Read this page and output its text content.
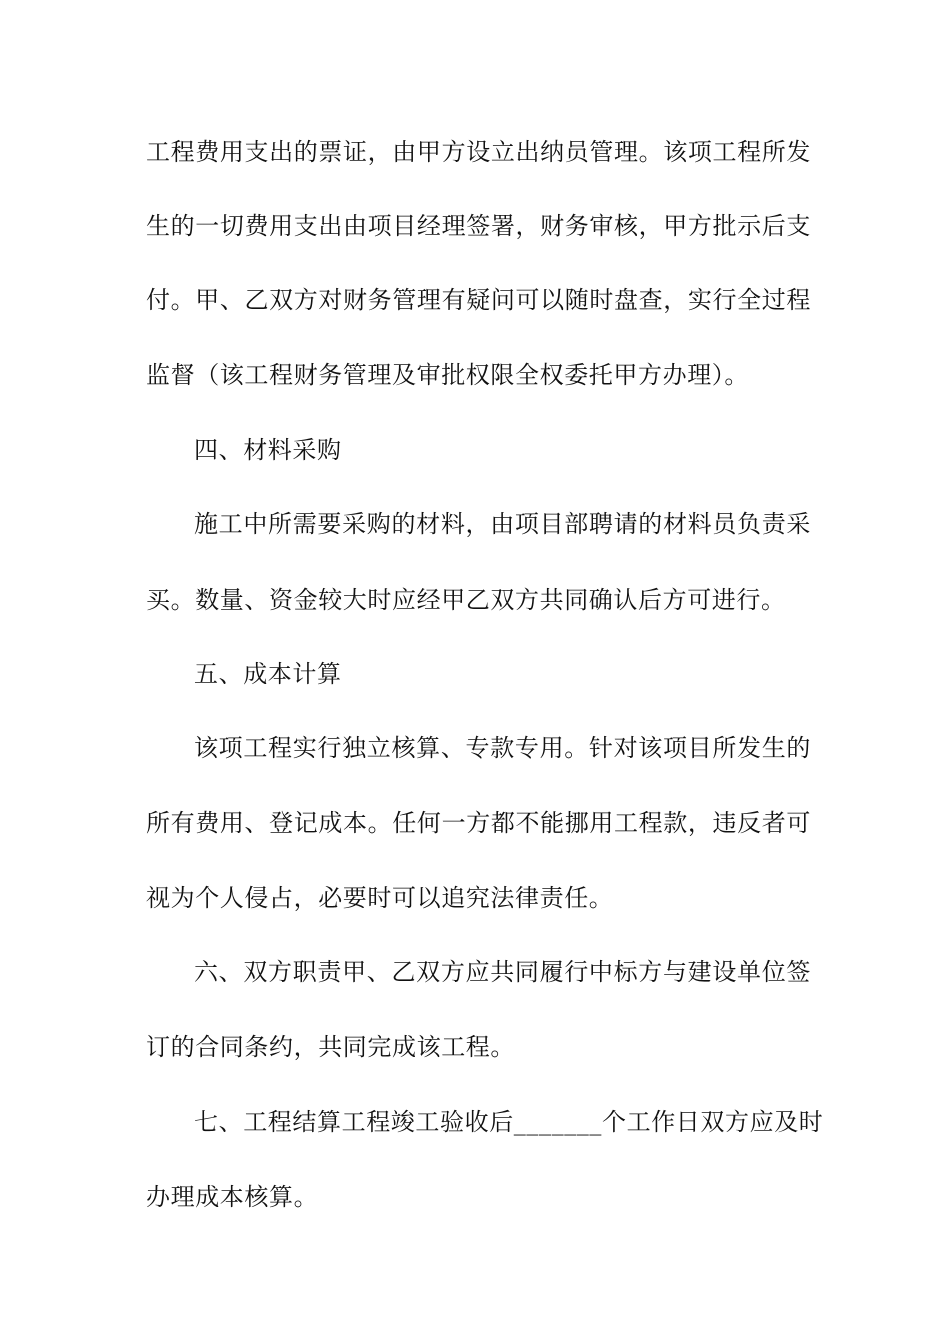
工程费用支出的票证，由甲方设立出纳员管理。该项工程所发
生的一切费用支出由项目经理签署，财务审核，甲方批示后支
付。甲、乙双方对财务管理有疑问可以随时盘查，实行全过程
监督（该工程财务管理及审批权限全权委托甲方办理）。
四、材料采购
施工中所需要采购的材料，由项目部聘请的材料员负责采
买。数量、资金较大时应经甲乙双方共同确认后方可进行。
五、成本计算
该项工程实行独立核算、专款专用。针对该项目所发生的
所有费用、登记成本。任何一方都不能挪用工程款，违反者可
视为个人侵占，必要时可以追究法律责任。
六、双方职责甲、乙双方应共同履行中标方与建设单位签
订的合同条约，共同完成该工程。
七、工程结算工程竣工验收后_______个工作日双方应及时
办理成本核算。
